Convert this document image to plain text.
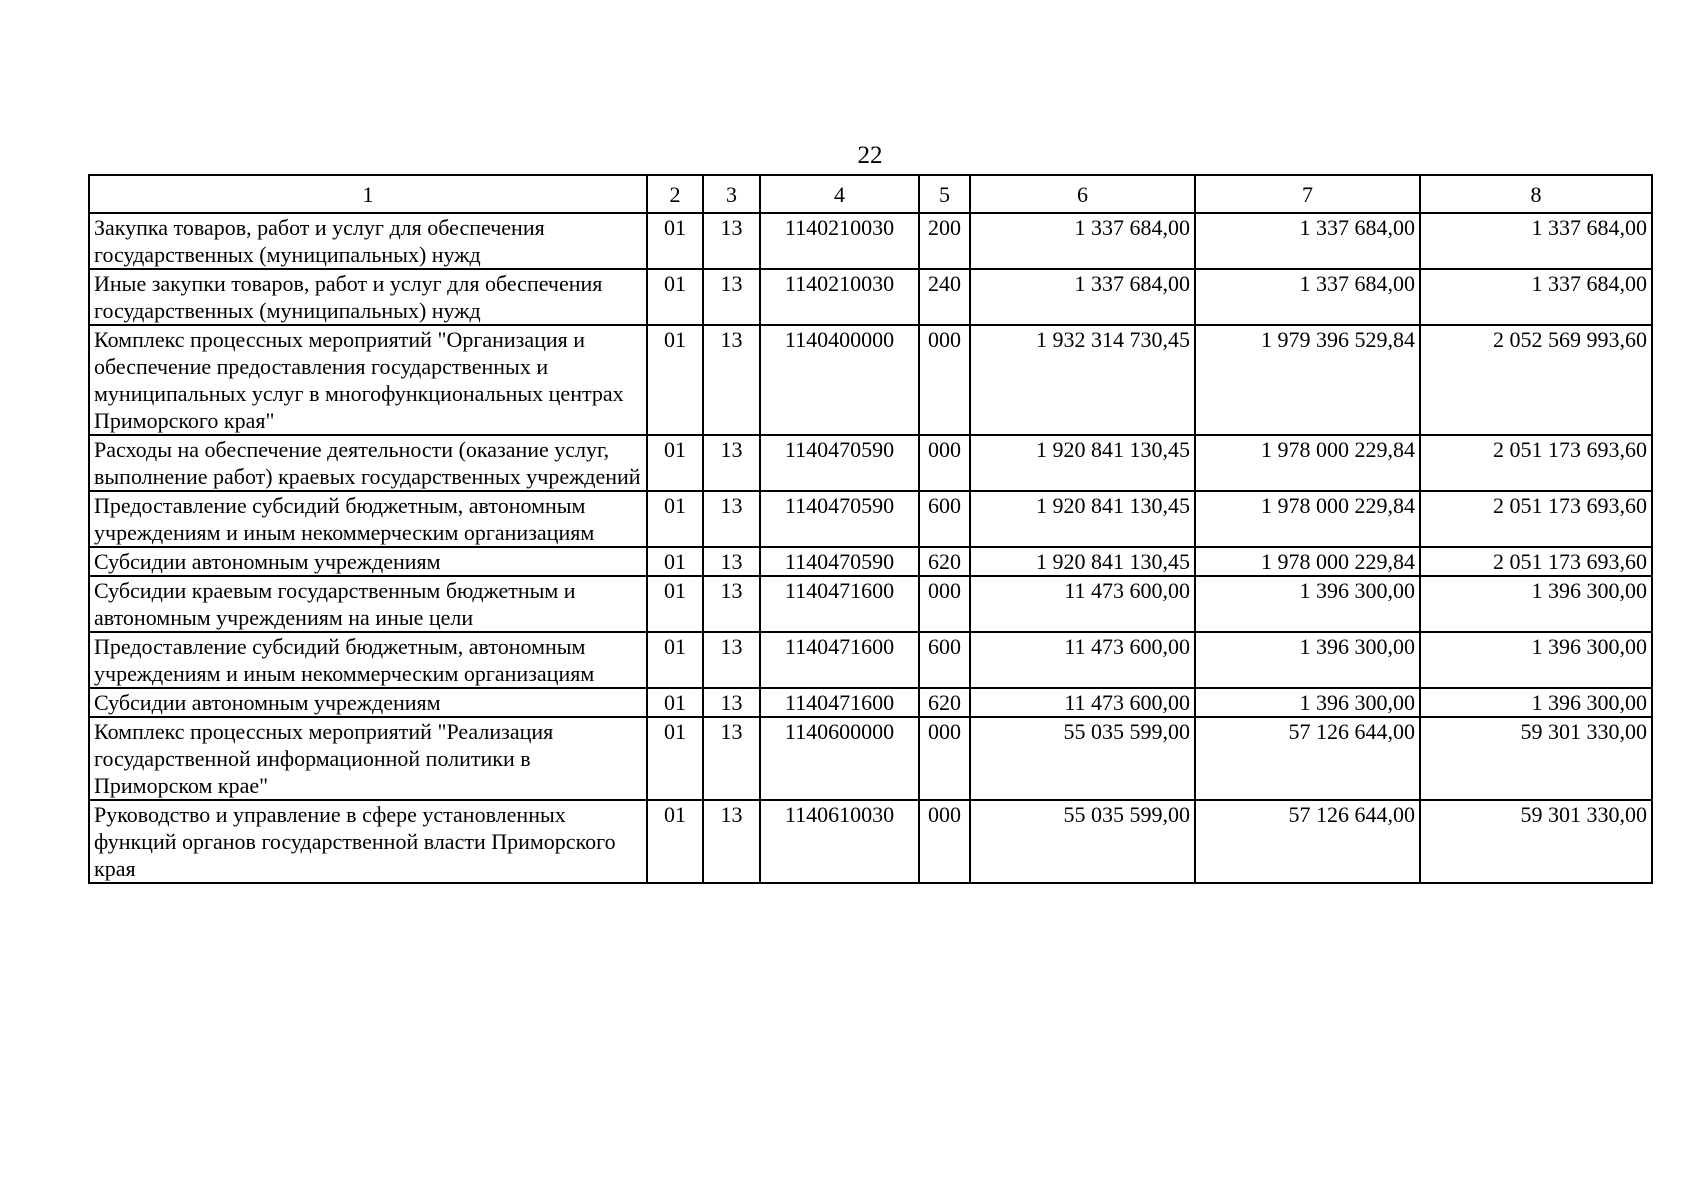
22
1	2	3	4	5	6	7	8
Закупка товаров, работ и услуг для обеспечения государственных (муниципальных) нужд	01	13	1140210030	200	1 337 684,00	1 337 684,00	1 337 684,00
Иные закупки товаров, работ и услуг для обеспечения государственных (муниципальных) нужд	01	13	1140210030	240	1 337 684,00	1 337 684,00	1 337 684,00
Комплекс процессных мероприятий "Организация и обеспечение предоставления государственных и муниципальных услуг в многофункциональных центрах Приморского края"	01	13	1140400000	000	1 932 314 730,45	1 979 396 529,84	2 052 569 993,60
Расходы на обеспечение деятельности (оказание услуг, выполнение работ) краевых государственных учреждений	01	13	1140470590	000	1 920 841 130,45	1 978 000 229,84	2 051 173 693,60
Предоставление субсидий бюджетным, автономным учреждениям и иным некоммерческим организациям	01	13	1140470590	600	1 920 841 130,45	1 978 000 229,84	2 051 173 693,60
Субсидии автономным учреждениям	01	13	1140470590	620	1 920 841 130,45	1 978 000 229,84	2 051 173 693,60
Субсидии краевым государственным бюджетным и автономным учреждениям на иные цели	01	13	1140471600	000	11 473 600,00	1 396 300,00	1 396 300,00
Предоставление субсидий бюджетным, автономным учреждениям и иным некоммерческим организациям	01	13	1140471600	600	11 473 600,00	1 396 300,00	1 396 300,00
Субсидии автономным учреждениям	01	13	1140471600	620	11 473 600,00	1 396 300,00	1 396 300,00
Комплекс процессных мероприятий "Реализация государственной информационной политики в Приморском крае"	01	13	1140600000	000	55 035 599,00	57 126 644,00	59 301 330,00
Руководство и управление в сфере установленных функций органов государственной власти Приморского края	01	13	1140610030	000	55 035 599,00	57 126 644,00	59 301 330,00
